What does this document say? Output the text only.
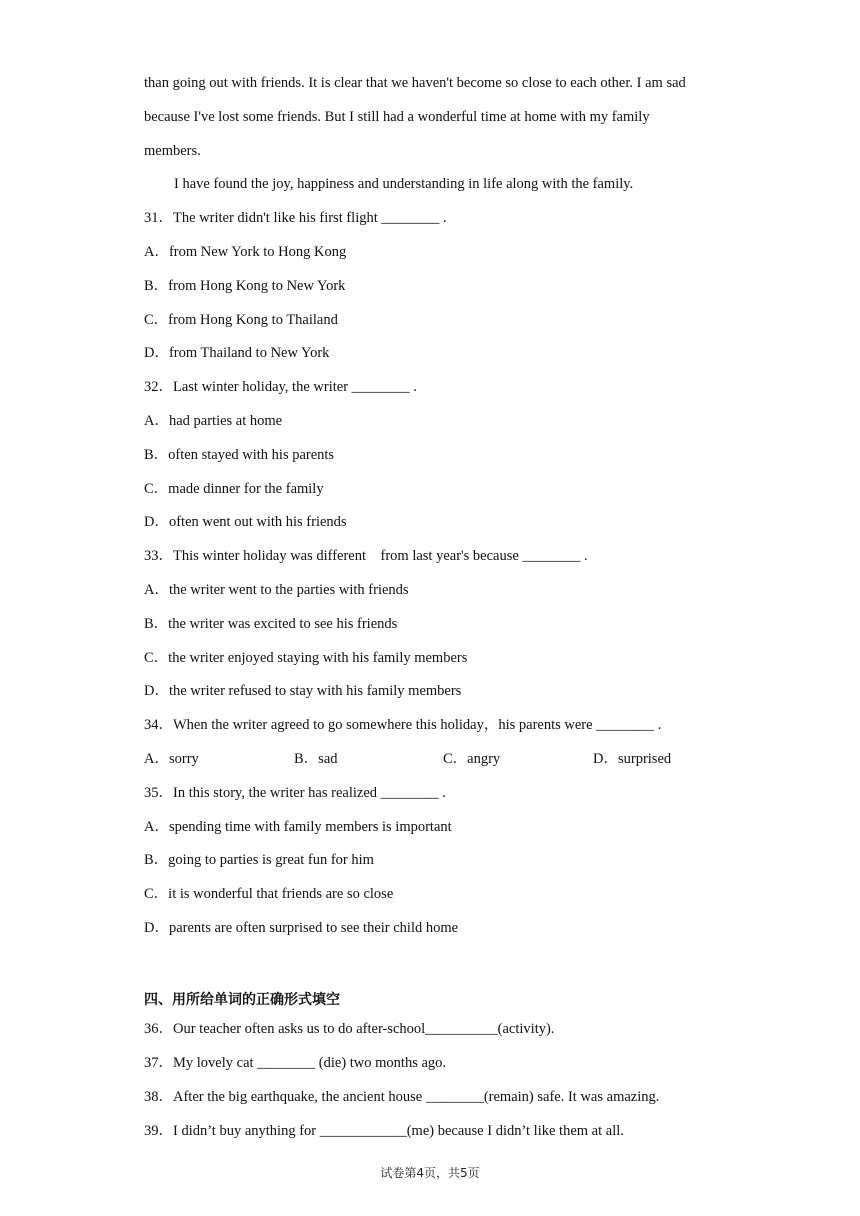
than going out with friends. It is clear that we haven't become so close to each other. I am sad
because I've lost some friends. But I still had a wonderful time at home with my family
members.
I have found the joy, happiness and understanding in life along with the family.
31．The writer didn't like his first flight ________ .
A．from New York to Hong Kong
B．from Hong Kong to New York
C．from Hong Kong to Thailand
D．from Thailand to New York
32．Last winter holiday, the writer ________ .
A．had parties at home
B．often stayed with his parents
C．made dinner for the family
D．often went out with his friends
33．This winter holiday was different    from last year's because ________ .
A．the writer went to the parties with friends
B．the writer was excited to see his friends
C．the writer enjoyed staying with his family members
D．the writer refused to stay with his family members
34．When the writer agreed to go somewhere this holiday，his parents were ________ .

A．sorry

	B．sad

	C．angry

	D．surprised

35．In this story, the writer has realized ________ .
A．spending time with family members is important
B．going to parties is great fun for him
C．it is wonderful that friends are so close
D．parents are often surprised to see their child home
四、用所给单词的正确形式填空
36．Our teacher often asks us to do after-school__________(activity).
37．My lovely cat ________ (die) two months ago.
38．After the big earthquake, the ancient house ________(remain) safe. It was amazing.
39．I didn’t buy anything for ____________(me) because I didn’t like them at all.
试卷第4页，共5页
